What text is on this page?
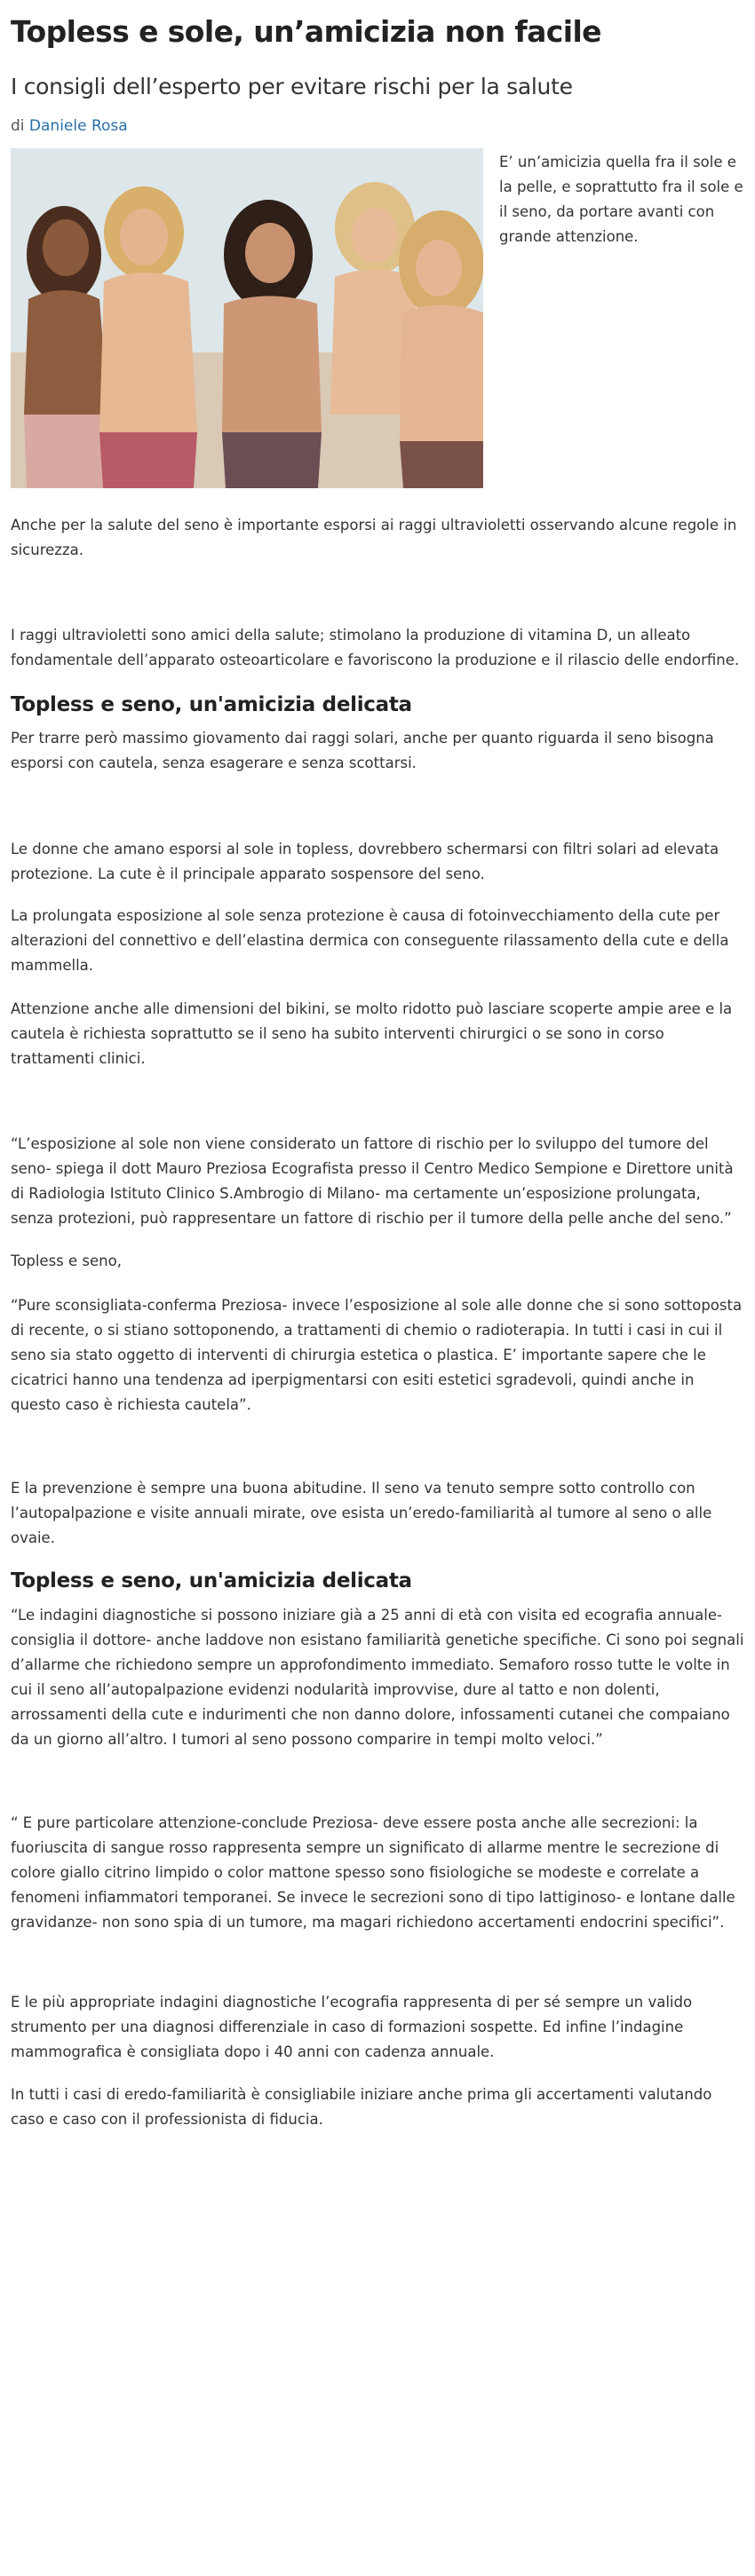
Topless e sole, un’amicizia non facile
I consigli dell’esperto per evitare rischi per la salute
di Daniele Rosa
E’ un’amicizia quella fra il sole e la pelle, e soprattutto fra il sole e il seno, da portare avanti con grande attenzione.

Anche per la salute del seno è importante esporsi ai raggi ultravioletti osservando alcune regole in sicurezza.

I raggi ultravioletti sono amici della salute; stimolano la produzione di vitamina D, un alleato fondamentale dell’apparato osteoarticolare e favoriscono la produzione e il rilascio delle endorfine.

Topless e seno, un'amicizia delicata

Per trarre però massimo giovamento dai raggi solari, anche per quanto riguarda il seno bisogna esporsi con cautela, senza esagerare e senza scottarsi.

Le donne che amano esporsi al sole in topless, dovrebbero schermarsi con filtri solari ad elevata protezione. La cute è il principale apparato sospensore del seno.

La prolungata esposizione al sole senza protezione è causa di fotoinvecchiamento della cute per alterazioni del connettivo e dell’elastina dermica con conseguente rilassamento della cute e della mammella.

Attenzione anche alle dimensioni del bikini, se molto ridotto può lasciare scoperte ampie aree e la cautela è richiesta soprattutto se il seno ha subito interventi chirurgici o se sono in corso trattamenti clinici.

“L’esposizione al sole non viene considerato un fattore di rischio per lo sviluppo del tumore del seno- spiega il dott Mauro Preziosa Ecografista presso il Centro Medico Sempione e Direttore unità di Radiologia Istituto Clinico S.Ambrogio di Milano- ma certamente un’esposizione prolungata, senza protezioni, può rappresentare un fattore di rischio per il tumore della pelle anche del seno.”

Topless e seno,

“Pure sconsigliata-conferma Preziosa- invece l’esposizione al sole alle donne che si sono sottoposta di recente, o si stiano sottoponendo, a trattamenti di chemio o radioterapia. In tutti i casi in cui il seno sia stato oggetto di interventi di chirurgia estetica o plastica. E’ importante sapere che le cicatrici hanno una tendenza ad iperpigmentarsi con esiti estetici sgradevoli, quindi anche in questo caso è richiesta cautela”.

E la prevenzione è sempre una buona abitudine. Il seno va tenuto sempre sotto controllo con l’autopalpazione e visite annuali mirate, ove esista un’eredo-familiarità al tumore al seno o alle ovaie.

Topless e seno, un'amicizia delicata

“Le indagini diagnostiche si possono iniziare già a 25 anni di età con visita ed ecografia annuale- consiglia il dottore- anche laddove non esistano familiarità genetiche specifiche. Ci sono poi segnali d’allarme che richiedono sempre un approfondimento immediato. Semaforo rosso tutte le volte in cui il seno all’autopalpazione evidenzi nodularità improvvise, dure al tatto e non dolenti, arrossamenti della cute e indurimenti che non danno dolore, infossamenti cutanei che compaiano da un giorno all’altro. I tumori al seno possono comparire in tempi molto veloci.”

“ E pure particolare attenzione-conclude Preziosa- deve essere posta anche alle secrezioni: la fuoriuscita di sangue rosso rappresenta sempre un significato di allarme mentre le secrezione di colore giallo citrino limpido o color mattone spesso sono fisiologiche se modeste e correlate a fenomeni infiammatori temporanei. Se invece le secrezioni sono di tipo lattiginoso- e lontane dalle gravidanze- non sono spia di un tumore, ma magari richiedono accertamenti endocrini specifici”.

E le più appropriate indagini diagnostiche l’ecografia rappresenta di per sé sempre un valido strumento per una diagnosi differenziale in caso di formazioni sospette. Ed infine l’indagine mammografica è consigliata dopo i 40 anni con cadenza annuale.

In tutti i casi di eredo-familiarità è consigliabile iniziare anche prima gli accertamenti valutando caso e caso con il professionista di fiducia.
